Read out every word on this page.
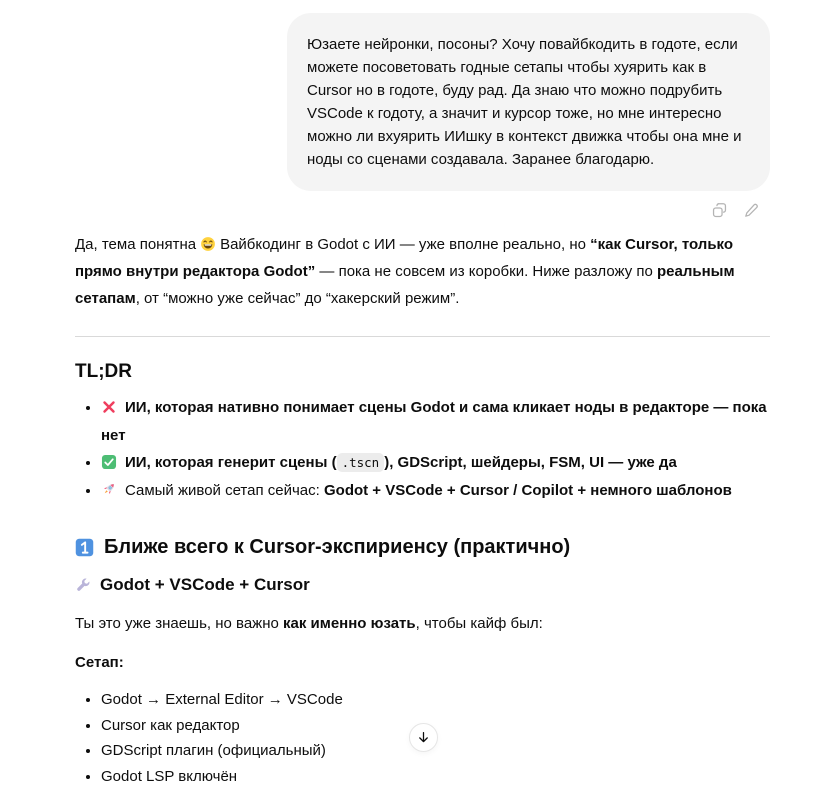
Юзаете нейронки, посоны? Хочу повайбкодить в годоте, если можете посоветовать годные сетапы чтобы хуярить как в Cursor но в годоте, буду рад. Да знаю что можно подрубить VSCode к годоту, а значит и курсор тоже, но мне интересно можно ли вхуярить ИИшку в контекст движка чтобы она мне и ноды со сценами создавала. Заранее благодарю.

Да, тема понятна Вайбкодинг в Godot с ИИ — уже вполне реально, но “как Cursor, только прямо внутри редактора Godot” — пока не совсем из коробки. Ниже разложу по реальным сетапам, от “можно уже сейчас” до “хакерский режим”.

TL;DR
• ИИ, которая нативно понимает сцены Godot и сама кликает ноды в редакторе — пока нет
• ИИ, которая генерит сцены ( .tscn ), GDScript, шейдеры, FSM, UI — уже да
• Самый живой сетап сейчас: Godot + VSCode + Cursor / Copilot + немного шаблонов
Ближе всего к Cursor-экспириенсу (практично)
Godot + VSCode + Cursor

Ты это уже знаешь, но важно как именно юзать, чтобы кайф был:

Сетап:

• Godot → External Editor → VSCode
• Cursor как редактор
• GDScript плагин (официальный)
• Godot LSP включён
